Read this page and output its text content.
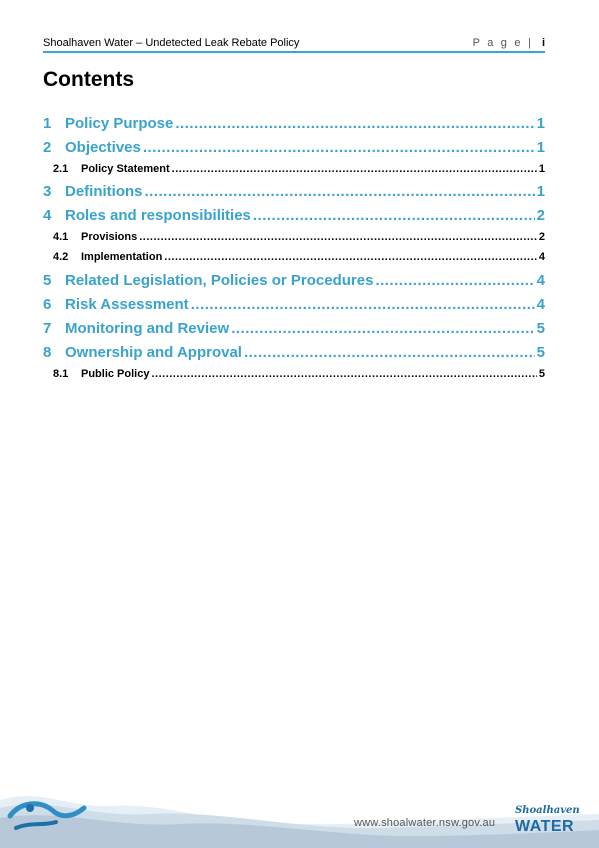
Shoalhaven Water – Undetected Leak Rebate Policy	P a g e | i
Contents
1 Policy Purpose .....	1
2 Objectives .....	1
2.1	Policy Statement .....	1
3 Definitions .....	1
4 Roles and responsibilities .....	2
4.1	Provisions .....	2
4.2	Implementation .....	4
5 Related Legislation, Policies or Procedures .....	4
6 Risk Assessment .....	4
7 Monitoring and Review .....	5
8 Ownership and Approval .....	5
8.1	Public Policy .....	5
www.shoalwater.nsw.gov.au
Shoalhaven
WATER
